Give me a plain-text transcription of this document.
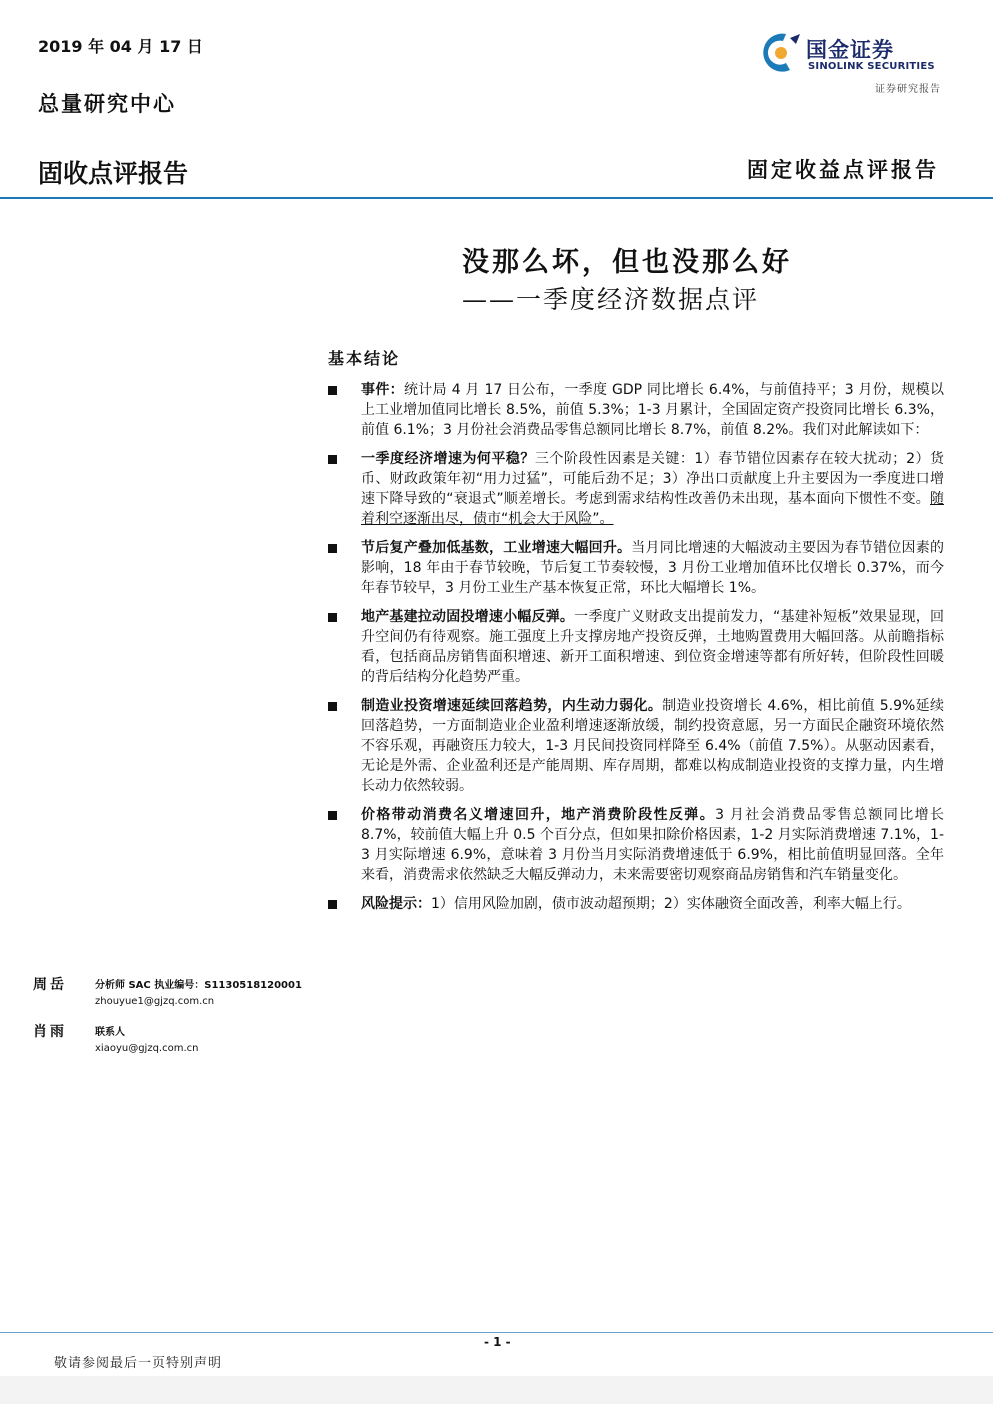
2019 年 04 月 17 日
总量研究中心
固收点评报告	固定收益点评报告
国金证券
SINOLINK SECURITIES
证券研究报告
没那么坏，但也没那么好
——一季度经济数据点评
基本结论
事件：统计局 4 月 17 日公布，一季度 GDP 同比增长 6.4%，与前值持平；3 月份，规模以上工业增加值同比增长 8.5%，前值 5.3%；1-3 月累计，全国固定资产投资同比增长 6.3%，前值 6.1%；3 月份社会消费品零售总额同比增长 8.7%，前值 8.2%。我们对此解读如下：
一季度经济增速为何平稳？三个阶段性因素是关键：1）春节错位因素存在较大扰动；2）货币、财政政策年初“用力过猛”，可能后劲不足；3）净出口贡献度上升主要因为一季度进口增速下降导致的“衰退式”顺差增长。考虑到需求结构性改善仍未出现，基本面向下惯性不变。随着利空逐渐出尽，债市“机会大于风险”。
节后复产叠加低基数，工业增速大幅回升。当月同比增速的大幅波动主要因为春节错位因素的影响，18 年由于春节较晚，节后复工节奏较慢，3 月份工业增加值环比仅增长 0.37%，而今年春节较早，3 月份工业生产基本恢复正常，环比大幅增长 1%。
地产基建拉动固投增速小幅反弹。一季度广义财政支出提前发力，“基建补短板”效果显现，回升空间仍有待观察。施工强度上升支撑房地产投资反弹，土地购置费用大幅回落。从前瞻指标看，包括商品房销售面积增速、新开工面积增速、到位资金增速等都有所好转，但阶段性回暖的背后结构分化趋势严重。
制造业投资增速延续回落趋势，内生动力弱化。制造业投资增长 4.6%，相比前值 5.9%延续回落趋势，一方面制造业企业盈利增速逐渐放缓，制约投资意愿，另一方面民企融资环境依然不容乐观，再融资压力较大，1-3 月民间投资同样降至 6.4%（前值 7.5%）。从驱动因素看，无论是外需、企业盈利还是产能周期、库存周期，都难以构成制造业投资的支撑力量，内生增长动力依然较弱。
价格带动消费名义增速回升，地产消费阶段性反弹。3 月社会消费品零售总额同比增长 8.7%，较前值大幅上升 0.5 个百分点，但如果扣除价格因素，1-2 月实际消费增速 7.1%，1-3 月实际增速 6.9%，意味着 3 月份当月实际消费增速低于 6.9%，相比前值明显回落。全年来看，消费需求依然缺乏大幅反弹动力，未来需要密切观察商品房销售和汽车销量变化。
风险提示：1）信用风险加剧，债市波动超预期；2）实体融资全面改善，利率大幅上行。
周岳	分析师 SAC 执业编号：S1130518120001
zhouyue1@gjzq.com.cn
肖雨	联系人
xiaoyu@gjzq.com.cn
- 1 -
敬请参阅最后一页特别声明
